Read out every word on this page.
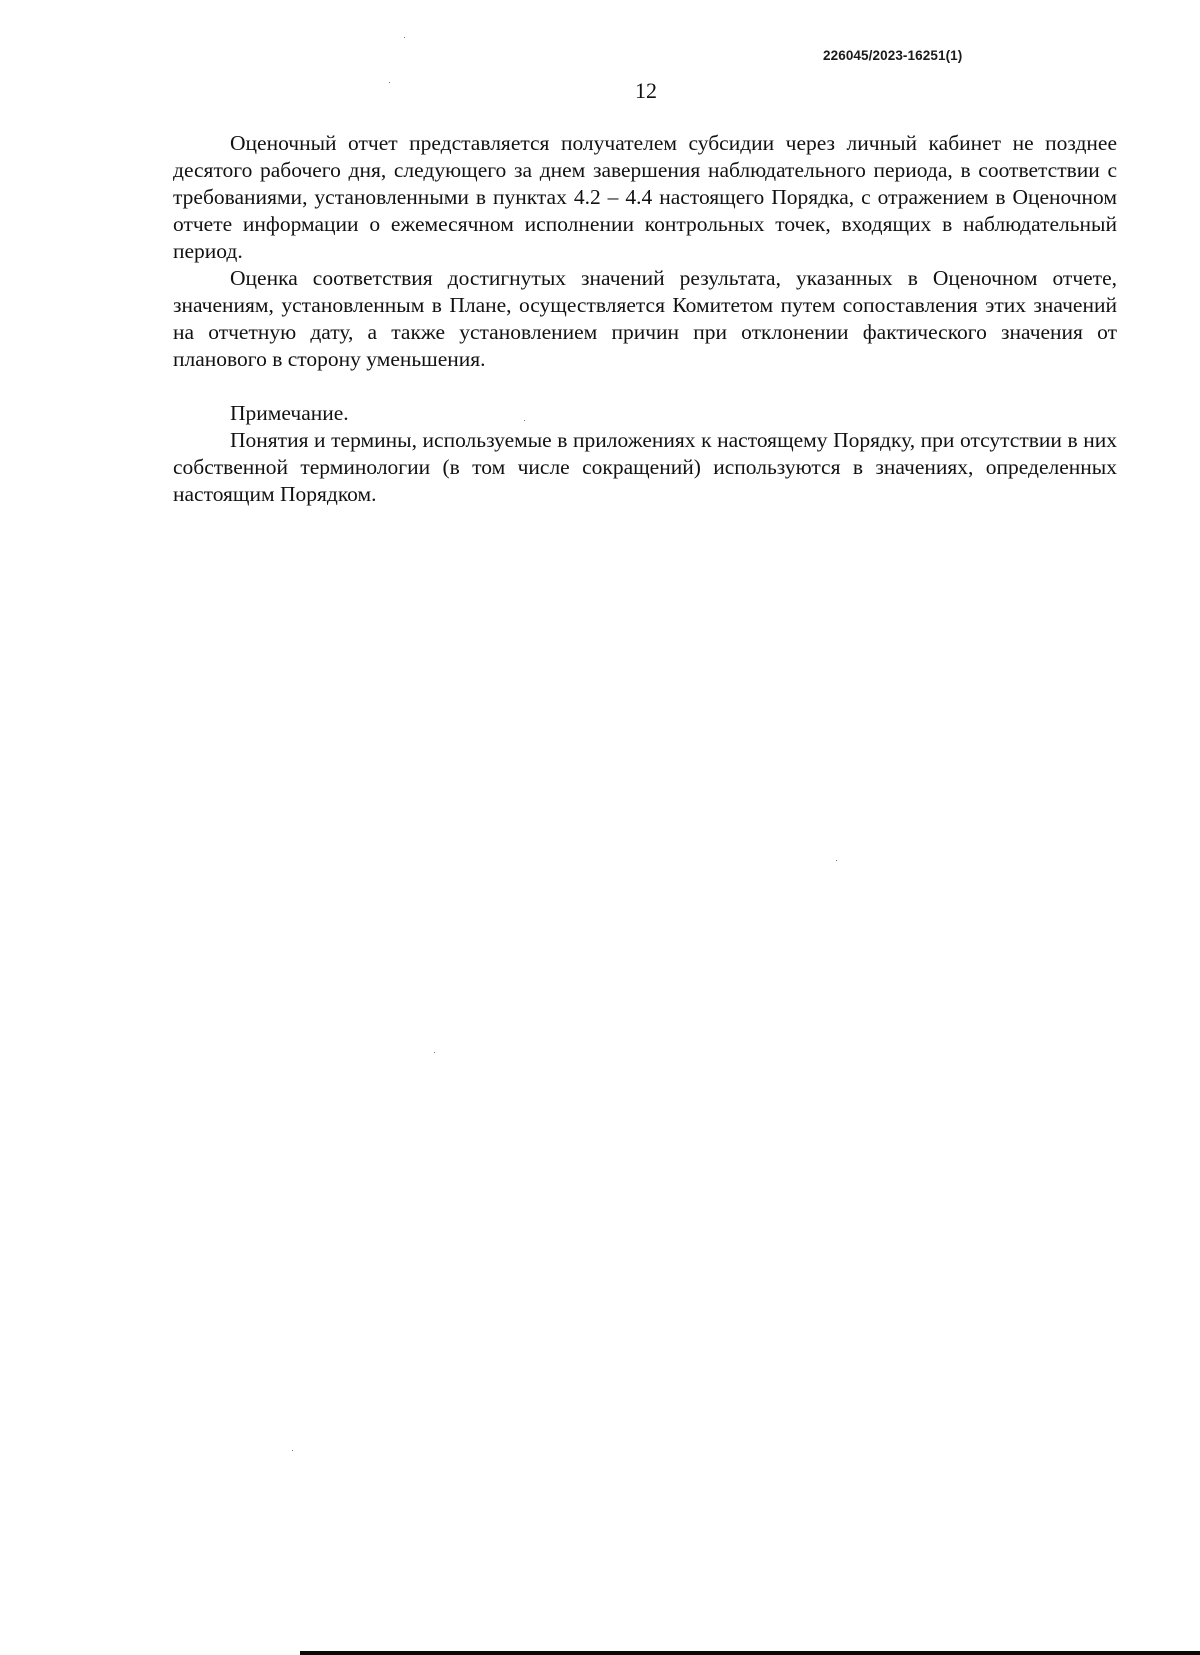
226045/2023-16251(1)
12

Оценочный отчет представляется получателем субсидии через личный кабинет не позднее десятого рабочего дня, следующего за днем завершения наблюдательного периода, в соответствии с требованиями, установленными в пунктах 4.2 – 4.4 настоящего Порядка, с отражением в Оценочном отчете информации о ежемесячном исполнении контрольных точек, входящих в наблюдательный период.

Оценка соответствия достигнутых значений результата, указанных в Оценочном отчете, значениям, установленным в Плане, осуществляется Комитетом путем сопоставления этих значений на отчетную дату, а также установлением причин при отклонении фактического значения от планового в сторону уменьшения.

Примечание.

Понятия и термины, используемые в приложениях к настоящему Порядку, при отсутствии в них собственной терминологии (в том числе сокращений) используются в значениях, определенных настоящим Порядком.
